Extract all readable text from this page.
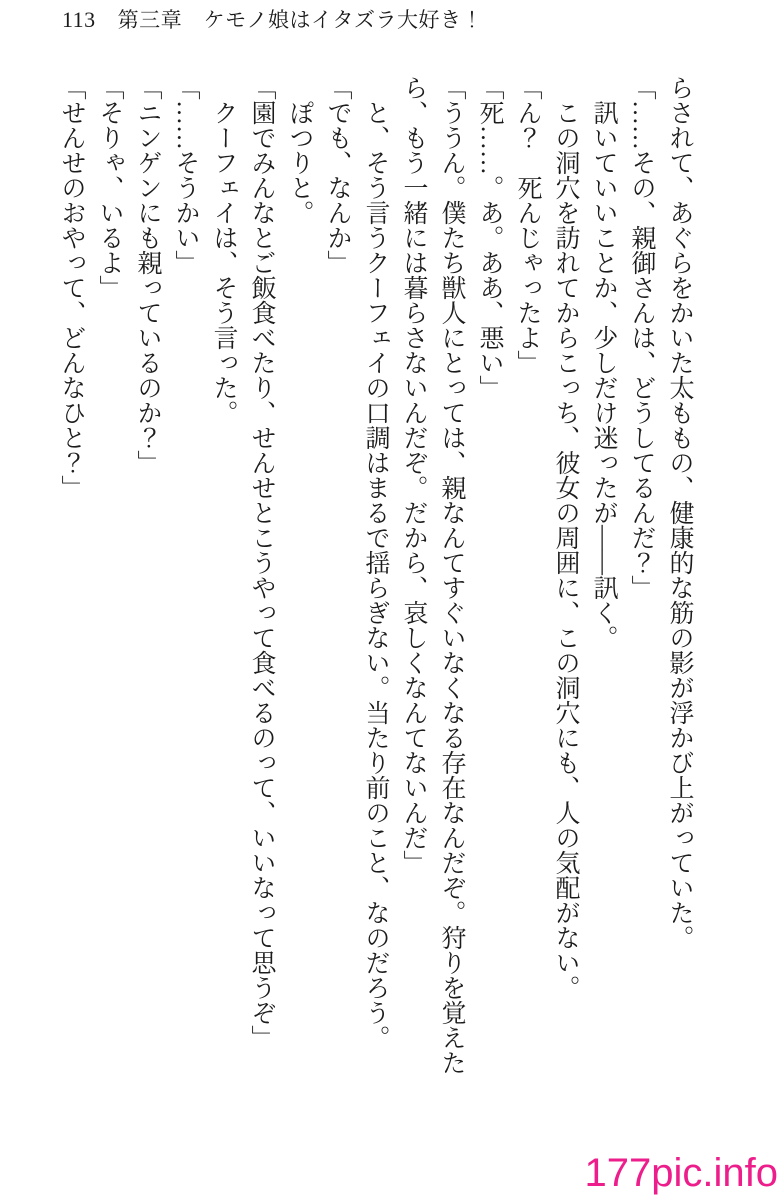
113 第三章　ケモノ娘はイタズラ大好き！

らされて、あぐらをかいた太ももの、健康的な筋の影が浮かび上がっていた。

「……その、親御さんは、どうしてるんだ？」

訊いていいことか、少しだけ迷ったが――訊く。

この洞穴を訪れてからこっち、彼女の周囲に、この洞穴にも、人の気配がない。

「ん？　死んじゃったよ」

「死……。あ。ああ、悪い」

「ううん。僕たち獣人にとっては、親なんてすぐいなくなる存在なんだぞ。狩りを覚えたら、もう一緒には暮らさないんだぞ。だから、哀しくなんてないんだ」

と、そう言うクーフェイの口調はまるで揺らぎない。当たり前のこと、なのだろう。

「でも、なんか」

ぽつりと。

「園でみんなとご飯食べたり、せんせとこうやって食べるのって、いいなって思うぞ」

クーフェイは、そう言った。

「……そうかい」

「ニンゲンにも親っているのか？」

「そりゃ、いるよ」

「せんせのおやって、どんなひと？」

177pic.info
